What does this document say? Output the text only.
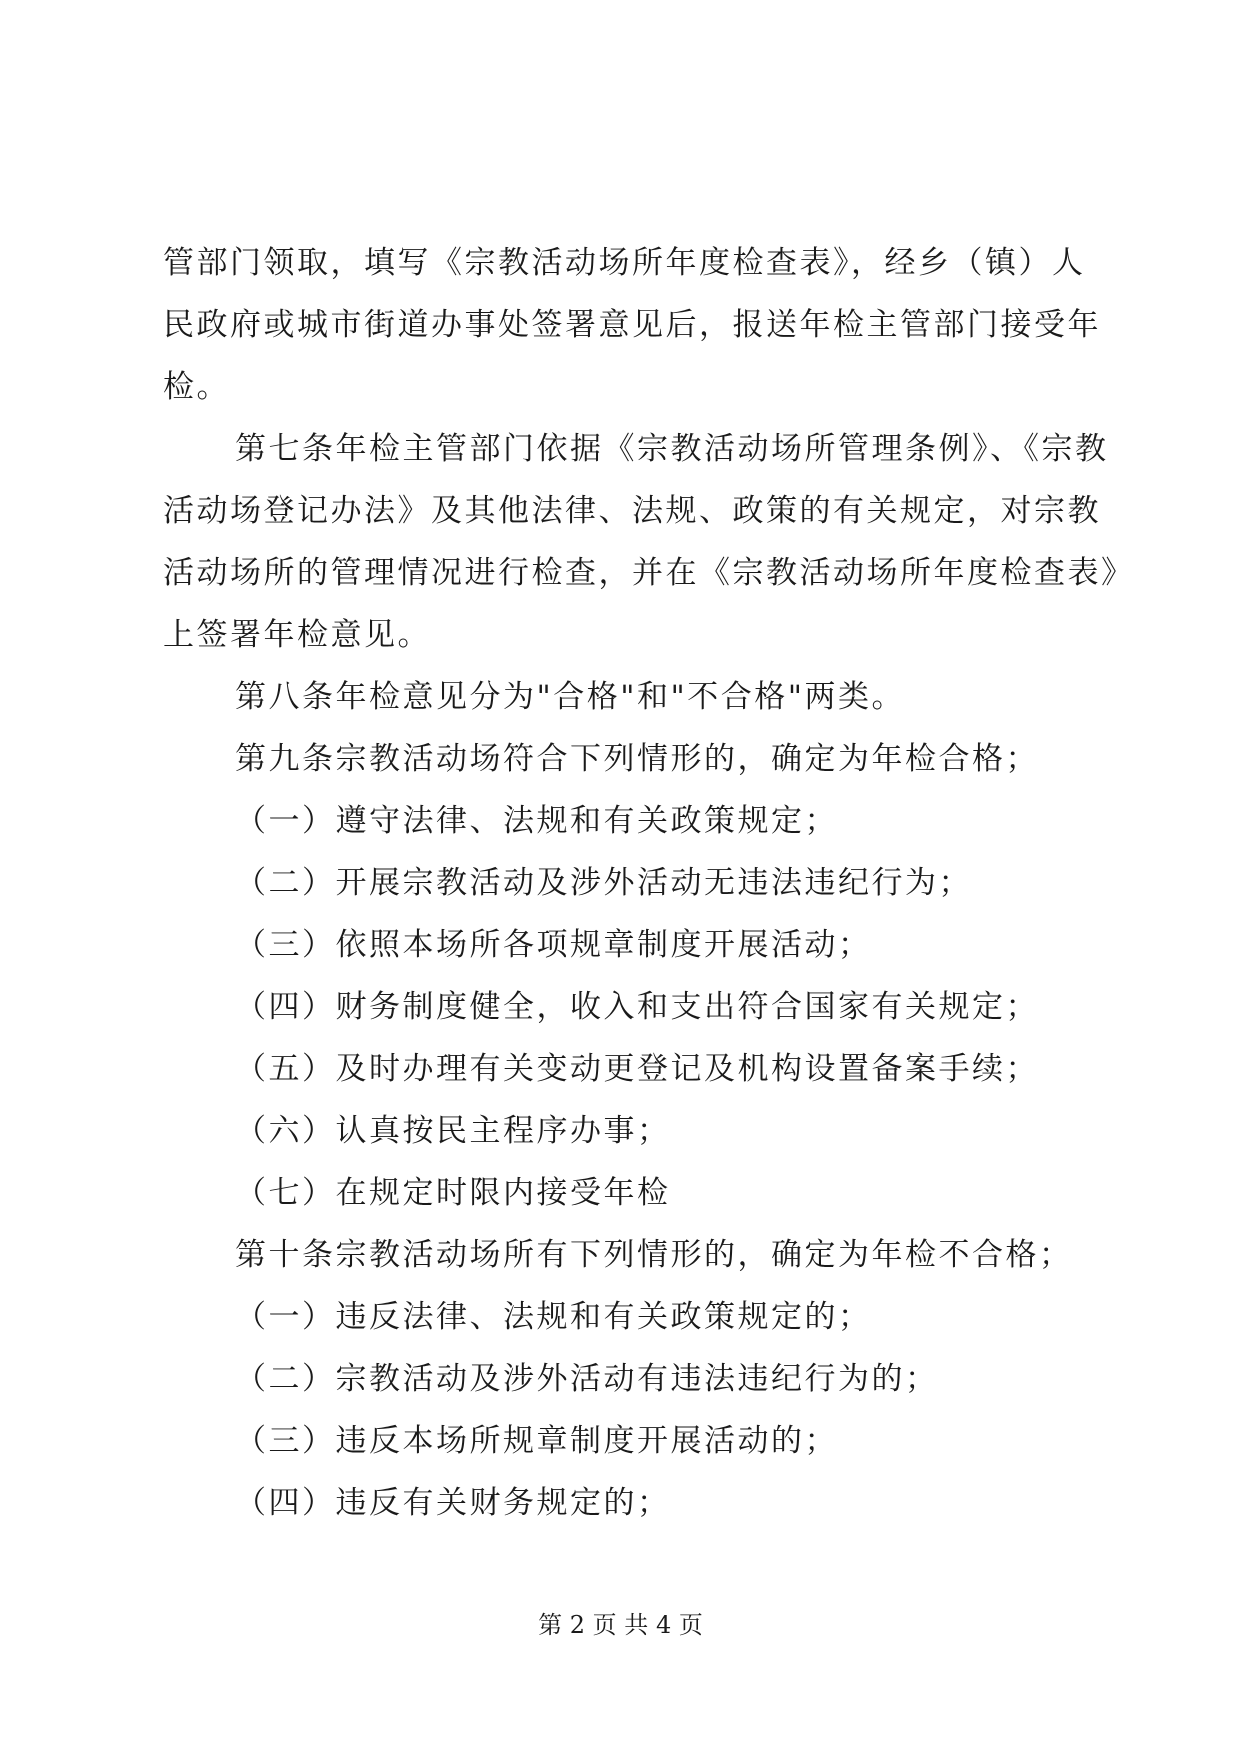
管部门领取，填写《宗教活动场所年度检查表》，经乡（镇）人
民政府或城市街道办事处签署意见后，报送年检主管部门接受年
检。
第七条年检主管部门依据《宗教活动场所管理条例》、《宗教
活动场登记办法》及其他法律、法规、政策的有关规定，对宗教
活动场所的管理情况进行检查，并在《宗教活动场所年度检查表》
上签署年检意见。
第八条年检意见分为"合格"和"不合格"两类。
第九条宗教活动场符合下列情形的，确定为年检合格；
（一）遵守法律、法规和有关政策规定；
（二）开展宗教活动及涉外活动无违法违纪行为；
（三）依照本场所各项规章制度开展活动；
（四）财务制度健全，收入和支出符合国家有关规定；
（五）及时办理有关变动更登记及机构设置备案手续；
（六）认真按民主程序办事；
（七）在规定时限内接受年检
第十条宗教活动场所有下列情形的，确定为年检不合格；
（一）违反法律、法规和有关政策规定的；
（二）宗教活动及涉外活动有违法违纪行为的；
（三）违反本场所规章制度开展活动的；
（四）违反有关财务规定的；
第 2 页 共 4 页
